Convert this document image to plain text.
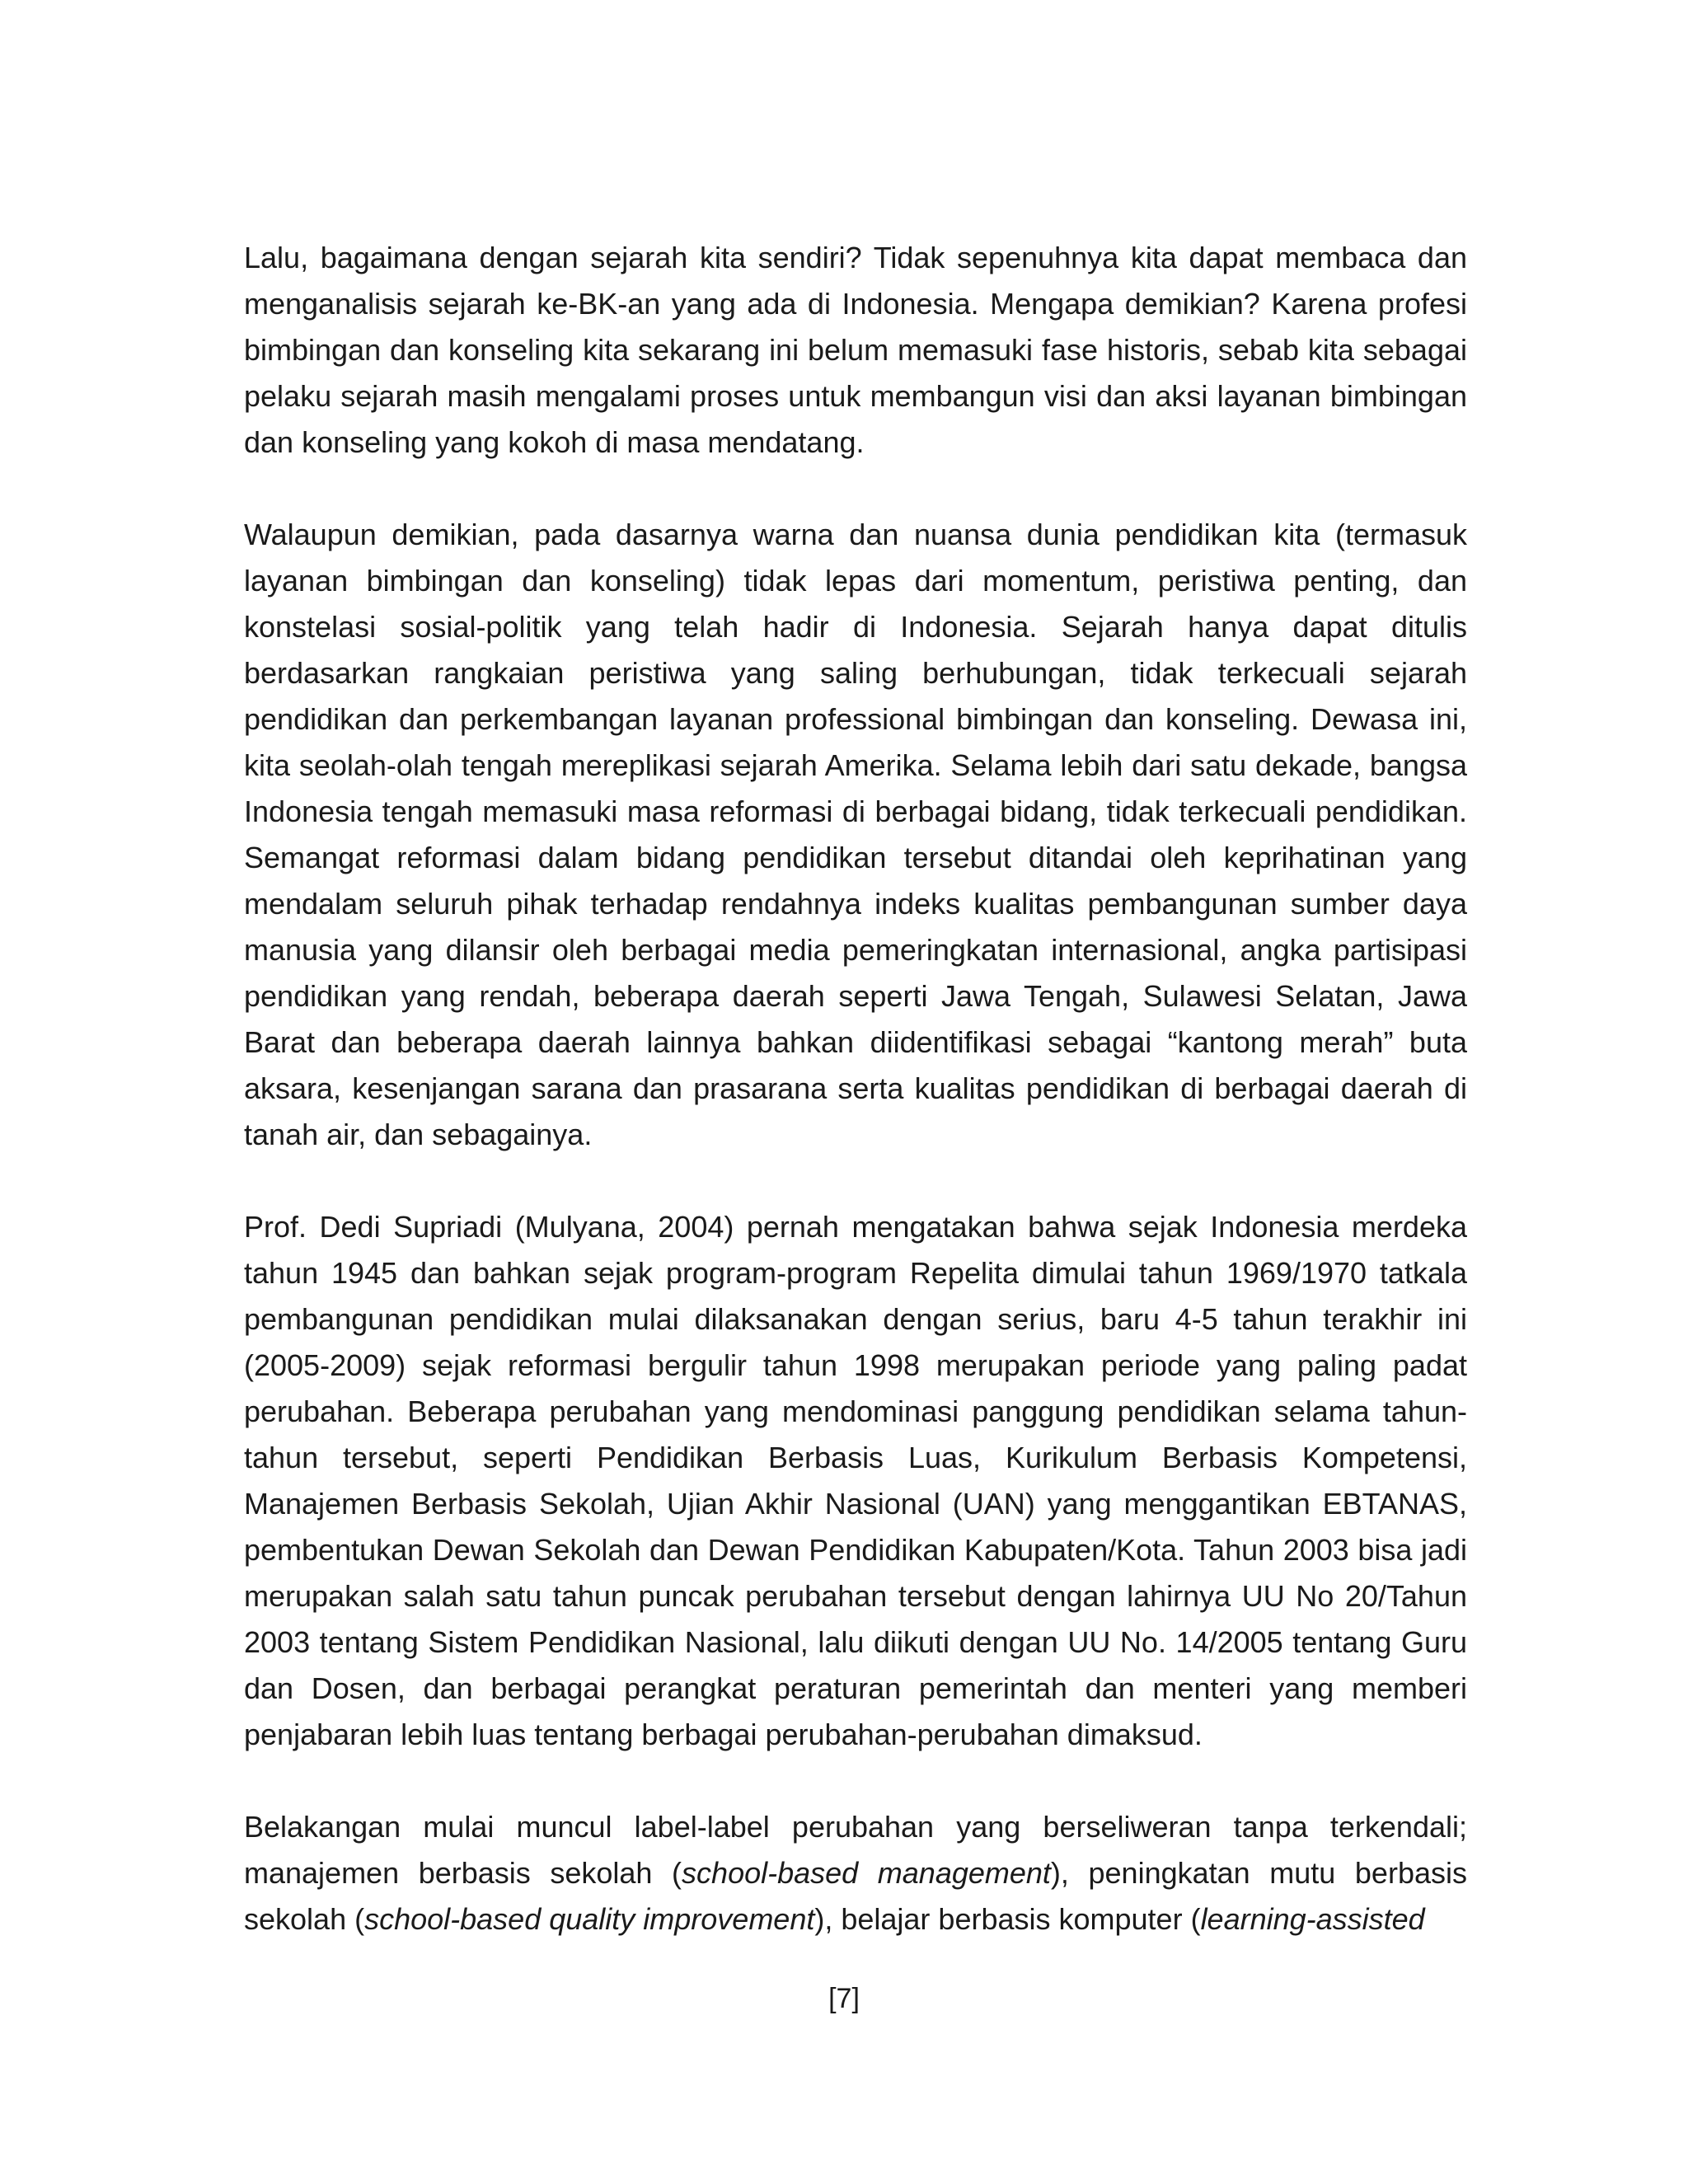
Lalu, bagaimana dengan sejarah kita sendiri? Tidak sepenuhnya kita dapat membaca dan menganalisis sejarah ke-BK-an yang ada di Indonesia. Mengapa demikian? Karena profesi bimbingan dan konseling kita sekarang ini belum memasuki fase historis, sebab kita sebagai pelaku sejarah masih mengalami proses untuk membangun visi dan aksi layanan bimbingan dan konseling yang kokoh di masa mendatang.

Walaupun demikian, pada dasarnya warna dan nuansa dunia pendidikan kita (termasuk layanan bimbingan dan konseling) tidak lepas dari momentum, peristiwa penting, dan konstelasi sosial-politik yang telah hadir di Indonesia. Sejarah hanya dapat ditulis berdasarkan rangkaian peristiwa yang saling berhubungan, tidak terkecuali sejarah pendidikan dan perkembangan layanan professional bimbingan dan konseling. Dewasa ini, kita seolah-olah tengah mereplikasi sejarah Amerika. Selama lebih dari satu dekade, bangsa Indonesia tengah memasuki masa reformasi di berbagai bidang, tidak terkecuali pendidikan. Semangat reformasi dalam bidang pendidikan tersebut ditandai oleh keprihatinan yang mendalam seluruh pihak terhadap rendahnya indeks kualitas pembangunan sumber daya manusia yang dilansir oleh berbagai media pemeringkatan internasional, angka partisipasi pendidikan yang rendah, beberapa daerah seperti Jawa Tengah, Sulawesi Selatan, Jawa Barat dan beberapa daerah lainnya bahkan diidentifikasi sebagai “kantong merah” buta aksara, kesenjangan sarana dan prasarana serta kualitas pendidikan di berbagai daerah di tanah air, dan sebagainya.

Prof. Dedi Supriadi (Mulyana, 2004) pernah mengatakan bahwa sejak Indonesia merdeka tahun 1945 dan bahkan sejak program-program Repelita dimulai tahun 1969/1970 tatkala pembangunan pendidikan mulai dilaksanakan dengan serius, baru 4-5 tahun terakhir ini (2005-2009) sejak reformasi bergulir tahun 1998 merupakan periode yang paling padat perubahan. Beberapa perubahan yang mendominasi panggung pendidikan selama tahun-tahun tersebut, seperti Pendidikan Berbasis Luas, Kurikulum Berbasis Kompetensi, Manajemen Berbasis Sekolah, Ujian Akhir Nasional (UAN) yang menggantikan EBTANAS, pembentukan Dewan Sekolah dan Dewan Pendidikan Kabupaten/Kota. Tahun 2003 bisa jadi merupakan salah satu tahun puncak perubahan tersebut dengan lahirnya UU No 20/Tahun 2003 tentang Sistem Pendidikan Nasional, lalu diikuti dengan UU No. 14/2005 tentang Guru dan Dosen, dan berbagai perangkat peraturan pemerintah dan menteri yang memberi penjabaran lebih luas tentang berbagai perubahan-perubahan dimaksud.

Belakangan mulai muncul label-label perubahan yang berseliweran tanpa terkendali; manajemen berbasis sekolah (school-based management), peningkatan mutu berbasis sekolah (school-based quality improvement), belajar berbasis komputer (learning-assisted

[7]
